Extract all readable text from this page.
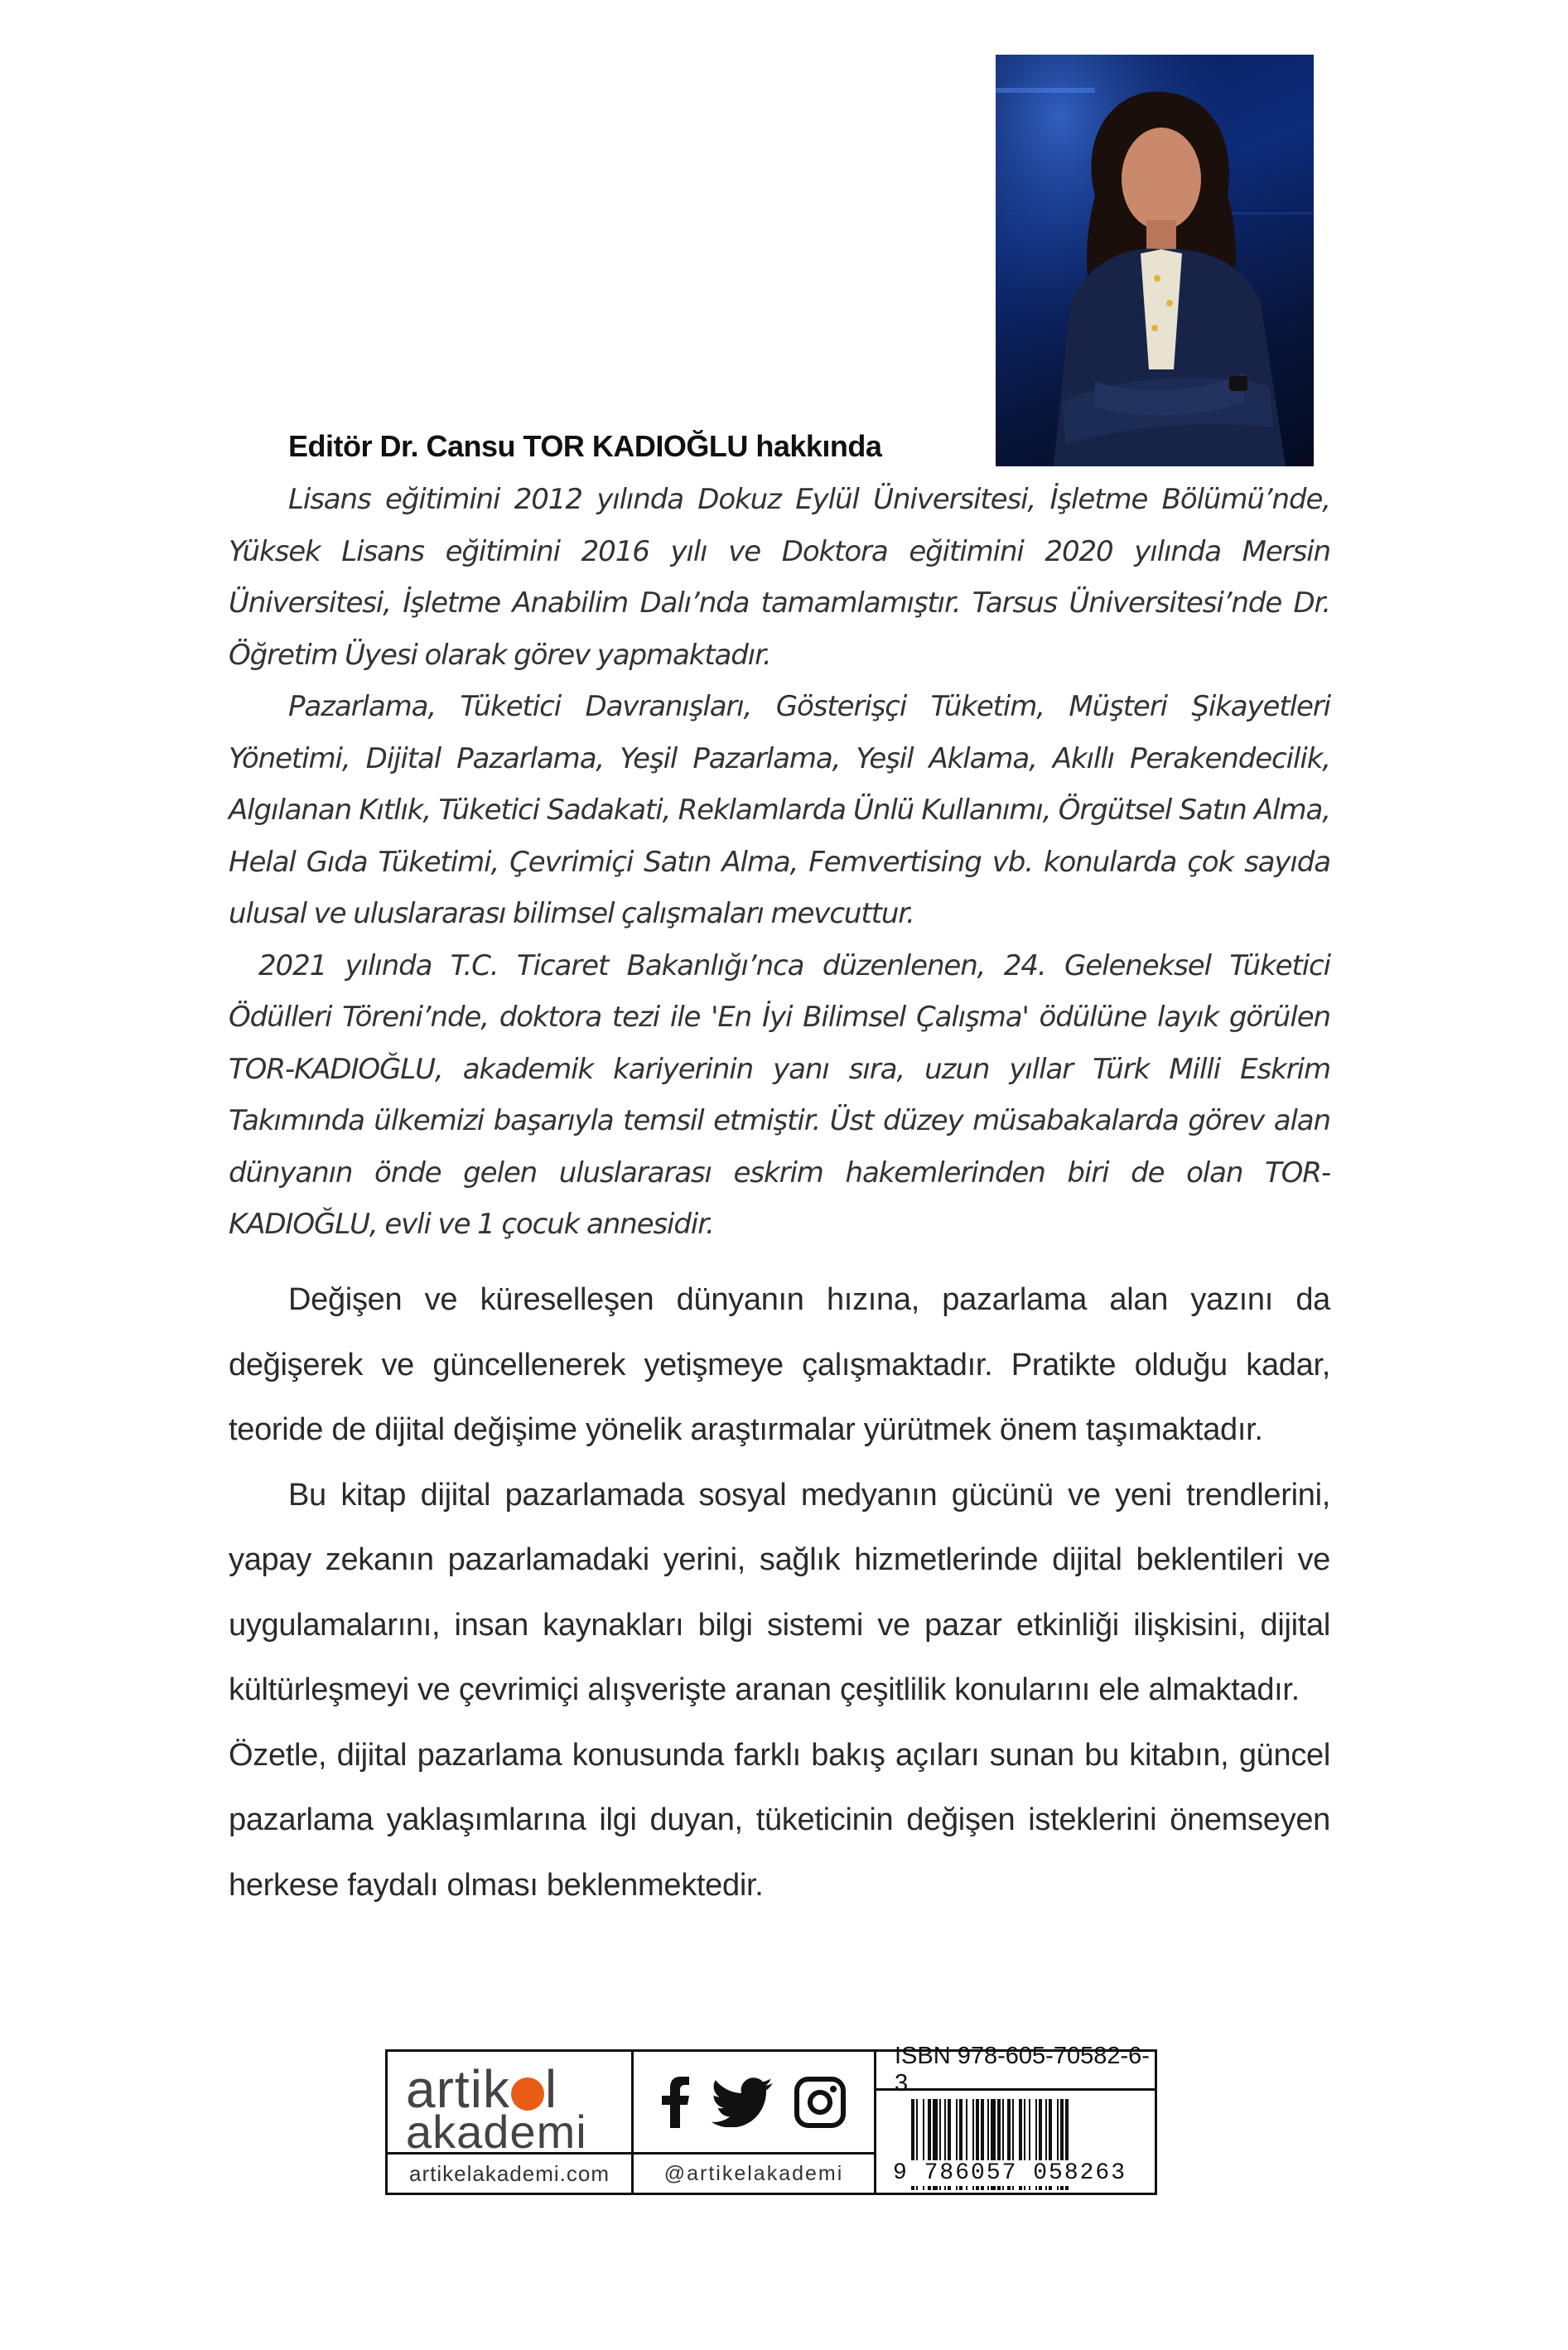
Editör Dr. Cansu TOR KADIOĞLU hakkında

Lisans eğitimini 2012 yılında Dokuz Eylül Üniversitesi, İşletme Bölümü’nde, Yüksek Lisans eğitimini 2016 yılı ve Doktora eğitimini 2020 yılında Mersin Üniversitesi, İşletme Anabilim Dalı’nda tamamlamıştır. Tarsus Üniversitesi’nde Dr. Öğretim Üyesi olarak görev yapmaktadır.

Pazarlama, Tüketici Davranışları, Gösterişçi Tüketim, Müşteri Şikayetleri Yönetimi, Dijital Pazarlama, Yeşil Pazarlama, Yeşil Aklama, Akıllı Perakendecilik, Algılanan Kıtlık, Tüketici Sadakati, Reklamlarda Ünlü Kullanımı, Örgütsel Satın Alma, Helal Gıda Tüketimi, Çevrimiçi Satın Alma, Femvertising vb. konularda çok sayıda ulusal ve uluslararası bilimsel çalışmaları mevcuttur.

2021 yılında T.C. Ticaret Bakanlığı’nca düzenlenen, 24. Geleneksel Tüketici Ödülleri Töreni’nde, doktora tezi ile 'En İyi Bilimsel Çalışma' ödülüne layık görülen TOR-KADIOĞLU, akademik kariyerinin yanı sıra, uzun yıllar Türk Milli Eskrim Takımında ülkemizi başarıyla temsil etmiştir. Üst düzey müsabakalarda görev alan dünyanın önde gelen uluslararası eskrim hakemlerinden biri de olan TOR-KADIOĞLU, evli ve 1 çocuk annesidir.

Değişen ve küreselleşen dünyanın hızına, pazarlama alan yazını da değişerek ve güncellenerek yetişmeye çalışmaktadır. Pratikte olduğu kadar, teoride de dijital değişime yönelik araştırmalar yürütmek önem taşımaktadır.

Bu kitap dijital pazarlamada sosyal medyanın gücünü ve yeni trendlerini, yapay zekanın pazarlamadaki yerini, sağlık hizmetlerinde dijital beklentileri ve uygulamalarını, insan kaynakları bilgi sistemi ve pazar etkinliği ilişkisini, dijital kültürleşmeyi ve çevrimiçi alışverişte aranan çeşitlilik konularını ele almaktadır.

Özetle, dijital pazarlama konusunda farklı bakış açıları sunan bu kitabın, güncel pazarlama yaklaşımlarına ilgi duyan, tüketicinin değişen isteklerini önemseyen herkese faydalı olması beklenmektedir.

artik l
akademi
artikelakademi.com	@artikelakademi
ISBN 978-605-70582-6-3
9 786057 058263
